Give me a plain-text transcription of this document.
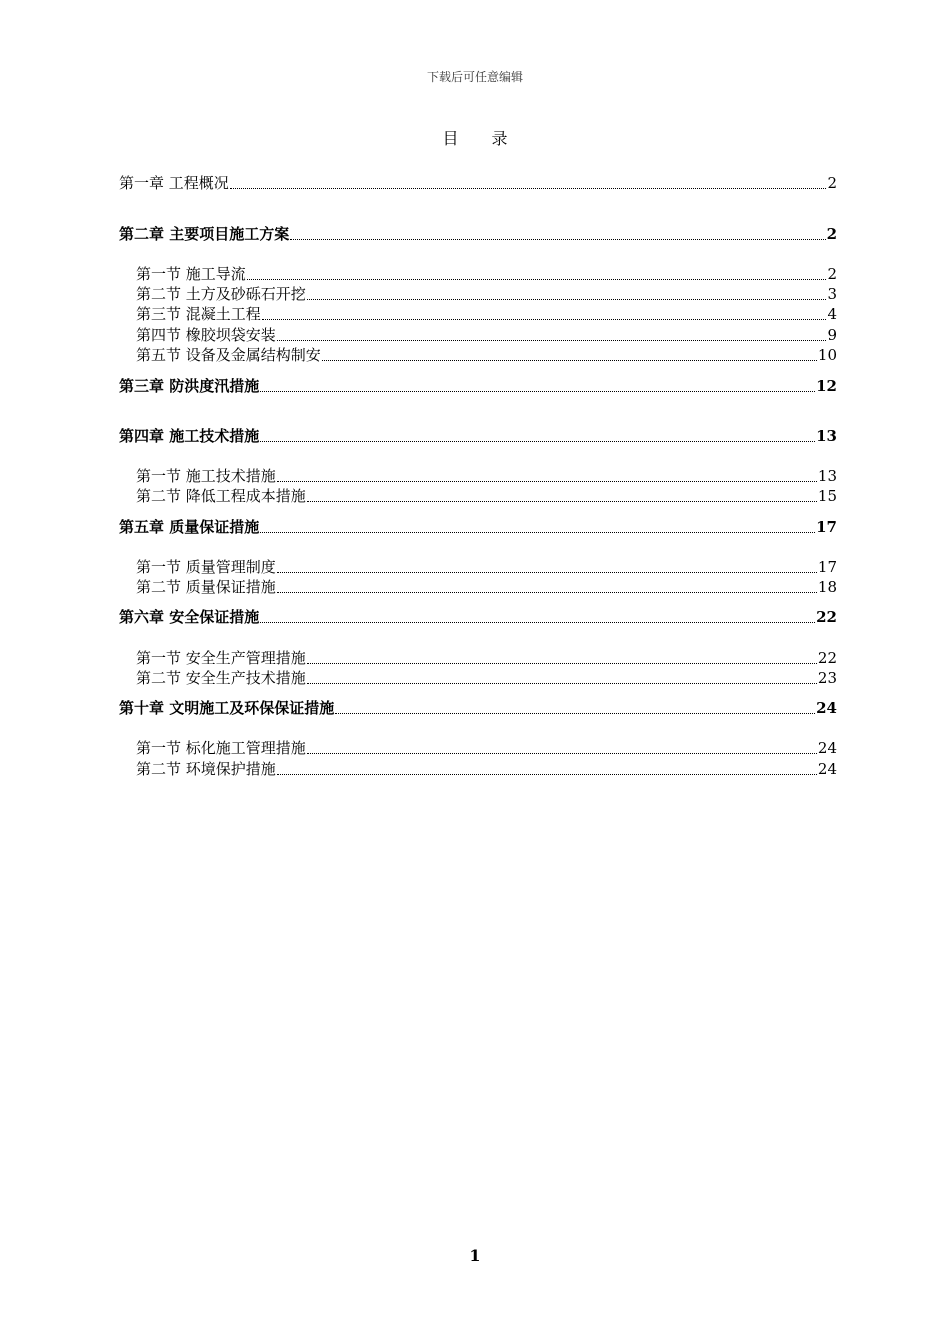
下载后可任意编辑
目 录
第一章 工程概况	2
第二章 主要项目施工方案	2
第一节 施工导流	2
第二节 土方及砂砾石开挖	3
第三节 混凝土工程	4
第四节 橡胶坝袋安装	9
第五节 设备及金属结构制安	10
第三章 防洪度汛措施	12
第四章 施工技术措施	13
第一节 施工技术措施	13
第二节 降低工程成本措施	15
第五章 质量保证措施	17
第一节 质量管理制度	17
第二节 质量保证措施	18
第六章 安全保证措施	22
第一节 安全生产管理措施	22
第二节 安全生产技术措施	23
第十章 文明施工及环保保证措施	24
第一节 标化施工管理措施	24
第二节 环境保护措施	24
1
